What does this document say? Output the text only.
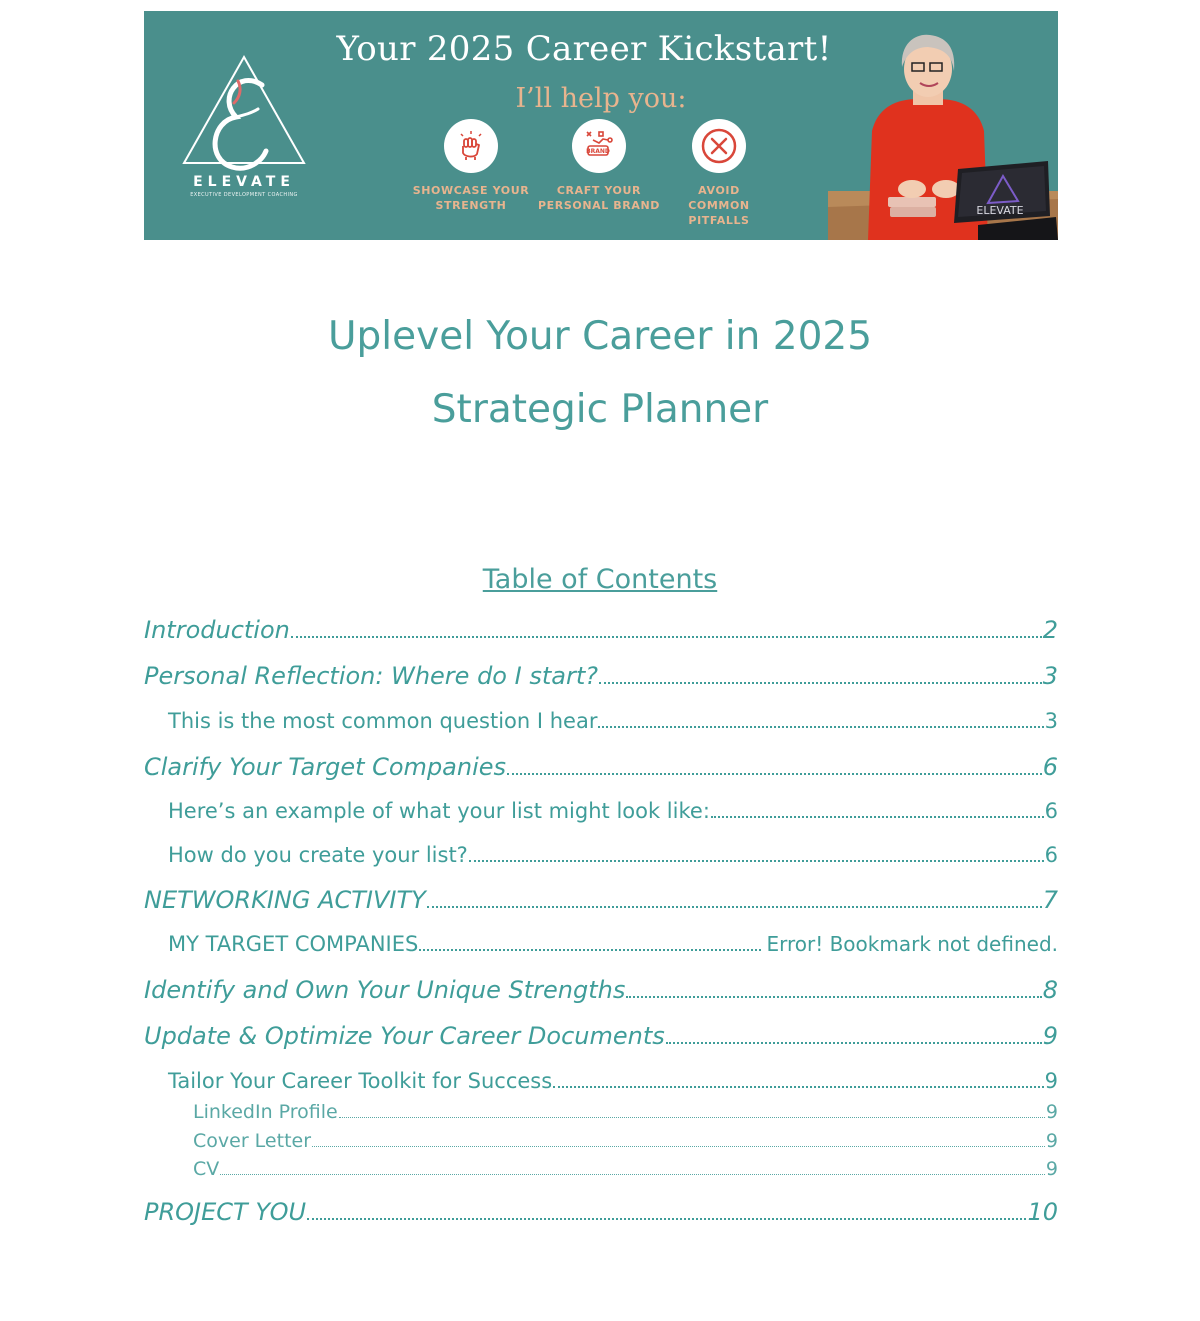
Your 2025 Career Kickstart!
I’ll help you:
ELEVATE
EXECUTIVE DEVELOPMENT COACHING	SHOWCASE YOUR
STRENGTH
BRAND
CRAFT YOUR
PERSONAL BRAND
AVOID
COMMON
PITFALLS
ELEVATE
Uplevel Your Career in 2025
Strategic Planner
Table of Contents
Introduction	2
Personal Reflection: Where do I start?	3
This is the most common question I hear	3
Clarify Your Target Companies	6
Here’s an example of what your list might look like:	6
How do you create your list?	6
NETWORKING ACTIVITY	7
MY TARGET COMPANIES	Error! Bookmark not defined.
Identify and Own Your Unique Strengths	8
Update & Optimize Your Career Documents	9
Tailor Your Career Toolkit for Success	9
LinkedIn Profile	9
Cover Letter	9
CV	9
PROJECT YOU	10
